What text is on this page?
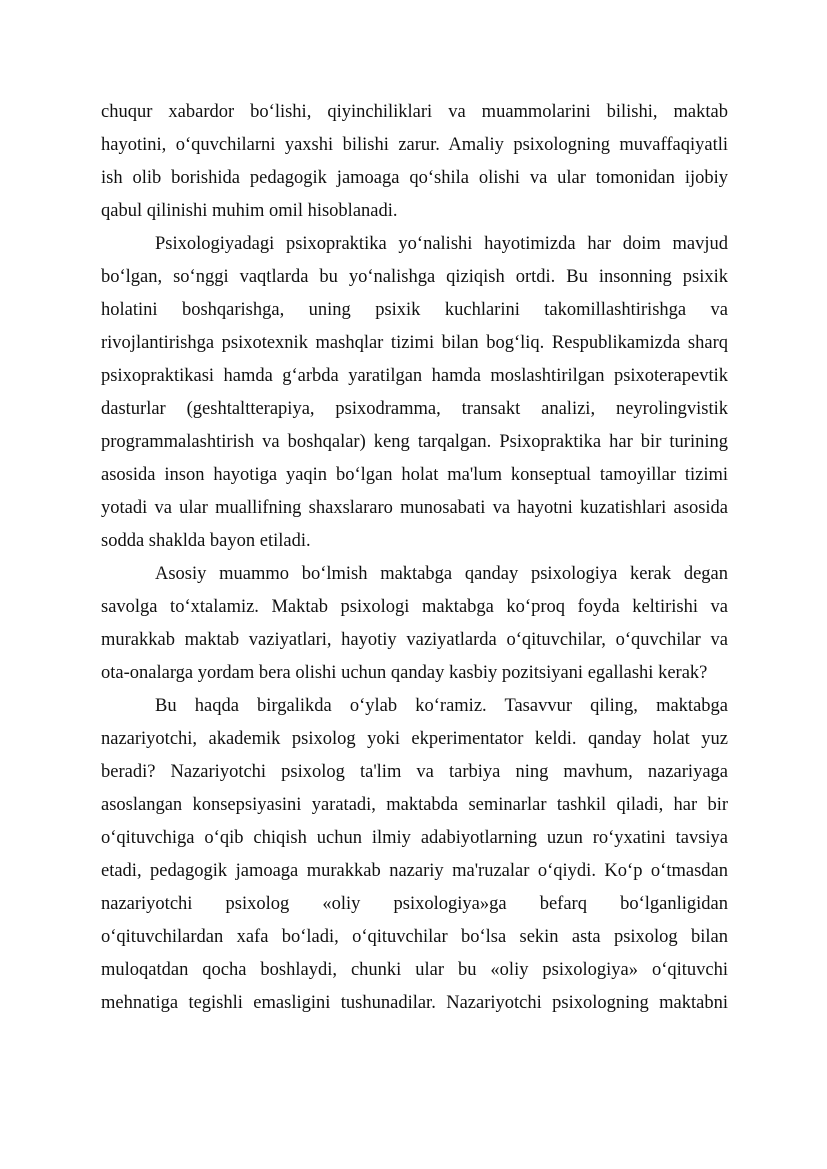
chuqur xabardor bo‘lishi, qiyinchiliklari va muammolarini bilishi, maktab
hayotini, o‘quvchilarni yaxshi bilishi zarur. Amaliy psixologning muvaffaqiyatli
ish olib borishida pedagogik jamoaga qo‘shila olishi va ular tomonidan ijobiy
qabul qilinishi muhim omil hisoblanadi.
Psixologiyadagi psixopraktika yo‘nalishi hayotimizda har doim mavjud
bo‘lgan, so‘nggi vaqtlarda bu yo‘nalishga qiziqish ortdi. Bu insonning psixik
holatini boshqarishga, uning psixik kuchlarini takomillashtirishga va
rivojlantirishga psixotexnik mashqlar tizimi bilan bog‘liq. Respublikamizda sharq
psixopraktikasi hamda g‘arbda yaratilgan hamda moslashtirilgan psixoterapevtik
dasturlar (geshtaltterapiya, psixodramma, transakt analizi, neyrolingvistik
programmalashtirish va boshqalar) keng tarqalgan. Psixopraktika har bir turining
asosida inson hayotiga yaqin bo‘lgan holat ma'lum konseptual tamoyillar tizimi
yotadi va ular muallifning shaxslararo munosabati va hayotni kuzatishlari asosida
sodda shaklda bayon etiladi.
Asosiy muammo bo‘lmish maktabga qanday psixologiya kerak degan
savolga to‘xtalamiz. Maktab psixologi maktabga ko‘proq foyda keltirishi va
murakkab maktab vaziyatlari, hayotiy vaziyatlarda o‘qituvchilar, o‘quvchilar va
ota-onalarga yordam bera olishi uchun qanday kasbiy pozitsiyani egallashi kerak?
Bu haqda birgalikda o‘ylab ko‘ramiz. Tasavvur qiling, maktabga
nazariyotchi, akademik psixolog yoki ekperimentator keldi. qanday holat yuz
beradi? Nazariyotchi psixolog ta'lim va tarbiya ning mavhum, nazariyaga
asoslangan konsepsiyasini yaratadi, maktabda seminarlar tashkil qiladi, har bir
o‘qituvchiga o‘qib chiqish uchun ilmiy adabiyotlarning uzun ro‘yxatini tavsiya
etadi, pedagogik jamoaga murakkab nazariy ma'ruzalar o‘qiydi. Ko‘p o‘tmasdan
nazariyotchi psixolog «oliy psixologiya»ga befarq bo‘lganligidan
o‘qituvchilardan xafa bo‘ladi, o‘qituvchilar bo‘lsa sekin asta psixolog bilan
muloqatdan qocha boshlaydi, chunki ular bu «oliy psixologiya» o‘qituvchi
mehnatiga tegishli emasligini tushunadilar. Nazariyotchi psixologning maktabni
